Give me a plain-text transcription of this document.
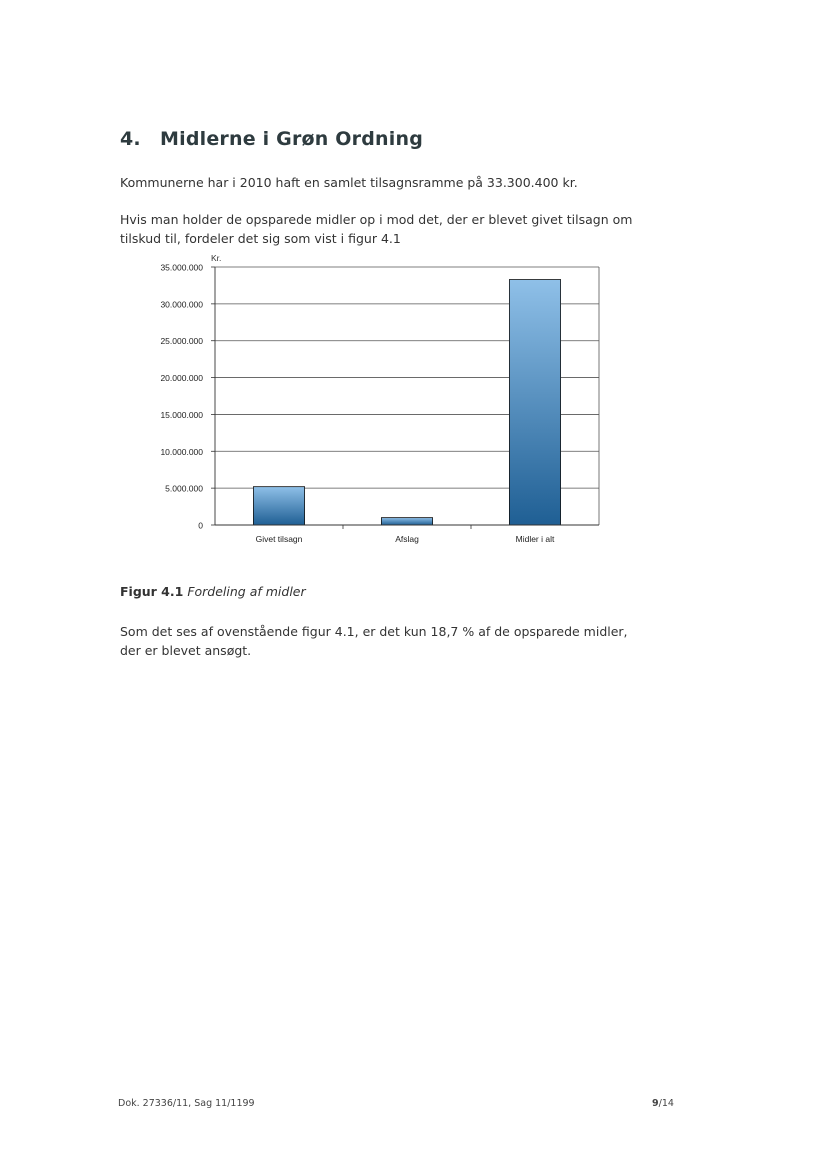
4. Midlerne i Grøn Ordning

Kommunerne har i 2010 haft en samlet tilsagnsramme på 33.300.400 kr.

Hvis man holder de opsparede midler op i mod det, der er blevet givet tilsagn om tilskud til, fordeler det sig som vist i figur 4.1

0
5.000.000
10.000.000
15.000.000
20.000.000
25.000.000
30.000.000
35.000.000
Kr.
Givet tilsagn	Afslag	Midler i alt
Figur 4.1 Fordeling af midler

Som det ses af ovenstående figur 4.1, er det kun 18,7 % af de opsparede midler, der er blevet ansøgt.

Dok. 27336/11, Sag 11/1199	9/14
